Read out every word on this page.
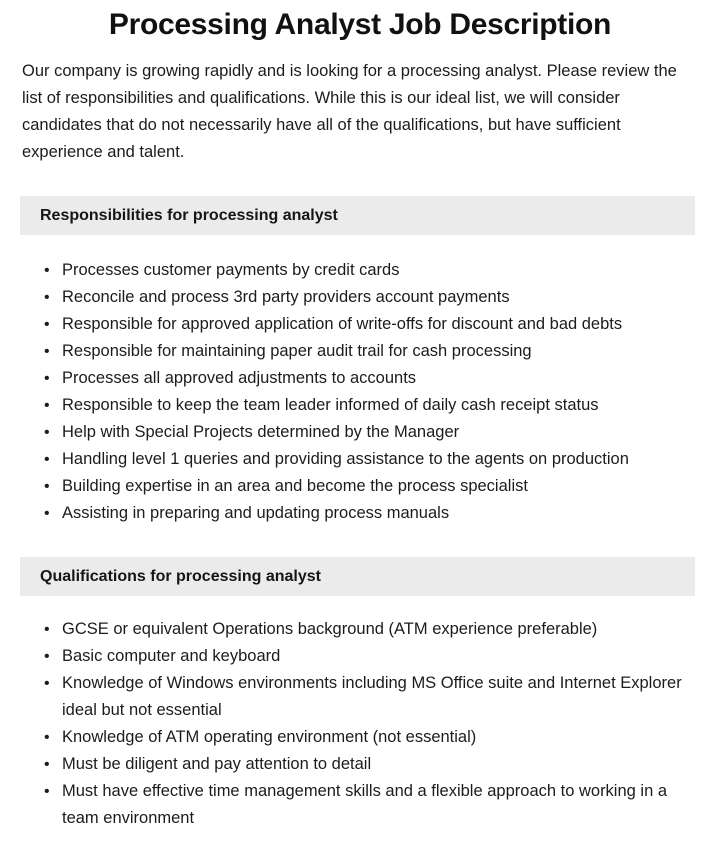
Processing Analyst Job Description

Our company is growing rapidly and is looking for a processing analyst. Please review the list of responsibilities and qualifications. While this is our ideal list, we will consider candidates that do not necessarily have all of the qualifications, but have sufficient experience and talent.

Responsibilities for processing analyst
• Processes customer payments by credit cards
• Reconcile and process 3rd party providers account payments
• Responsible for approved application of write-offs for discount and bad debts
• Responsible for maintaining paper audit trail for cash processing
• Processes all approved adjustments to accounts
• Responsible to keep the team leader informed of daily cash receipt status
• Help with Special Projects determined by the Manager
• Handling level 1 queries and providing assistance to the agents on production
• Building expertise in an area and become the process specialist
• Assisting in preparing and updating process manuals
Qualifications for processing analyst
• GCSE or equivalent Operations background (ATM experience preferable)
• Basic computer and keyboard
• Knowledge of Windows environments including MS Office suite and Internet Explorer ideal but not essential
• Knowledge of ATM operating environment (not essential)
• Must be diligent and pay attention to detail
• Must have effective time management skills and a flexible approach to working in a team environment
